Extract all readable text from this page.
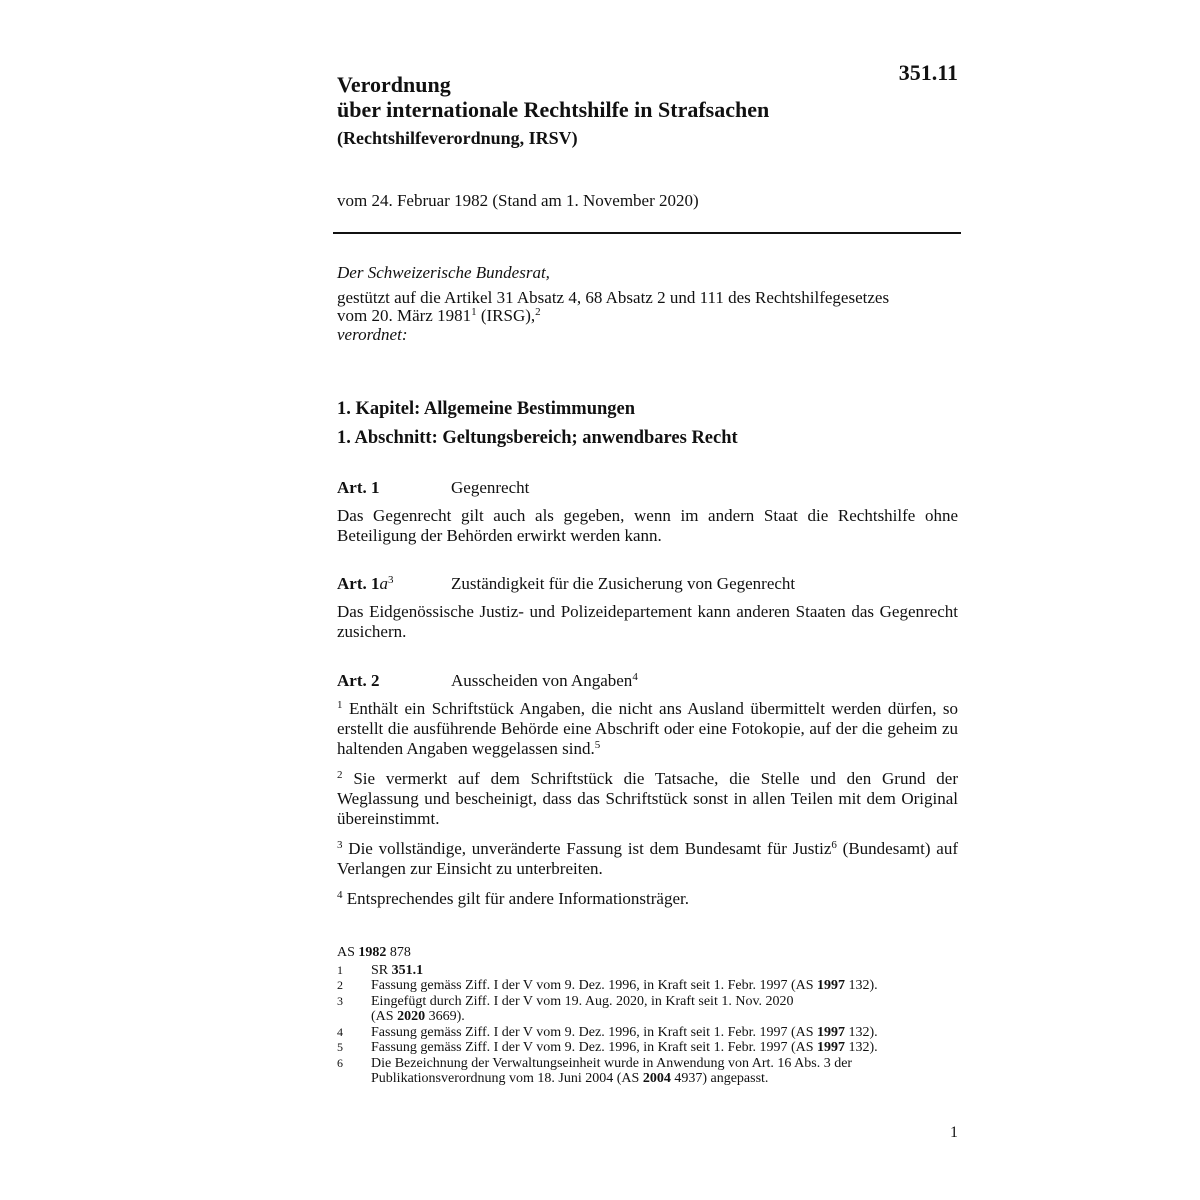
351.11
Verordnung
über internationale Rechtshilfe in Strafsachen
(Rechtshilfeverordnung, IRSV)
vom 24. Februar 1982 (Stand am 1. November 2020)
Der Schweizerische Bundesrat,
gestützt auf die Artikel 31 Absatz 4, 68 Absatz 2 und 111 des Rechtshilfegesetzes
vom 20. März 1981$^1$ (IRSG),$^2$
verordnet:
1. Kapitel: Allgemeine Bestimmungen
1. Abschnitt: Geltungsbereich; anwendbares Recht
Art. 1	Gegenrecht

Das Gegenrecht gilt auch als gegeben, wenn im andern Staat die Rechtshilfe ohne Beteiligung der Behörden erwirkt werden kann.

Art. $1a^3$	Zuständigkeit für die Zusicherung von Gegenrecht

Das Eidgenössische Justiz- und Polizeidepartement kann anderen Staaten das Gegenrecht zusichern.

Art. 2	Ausscheiden von Angaben$^4$

$^1$ Enthält ein Schriftstück Angaben, die nicht ans Ausland übermittelt werden dürfen, so erstellt die ausführende Behörde eine Abschrift oder eine Fotokopie, auf der die geheim zu haltenden Angaben weggelassen sind.$^5$

$^2$ Sie vermerkt auf dem Schriftstück die Tatsache, die Stelle und den Grund der Weglassung und bescheinigt, dass das Schriftstück sonst in allen Teilen mit dem Original übereinstimmt.

$^3$ Die vollständige, unveränderte Fassung ist dem Bundesamt für Justiz$^6$ (Bundesamt) auf Verlangen zur Einsicht zu unterbreiten.

$^4$ Entsprechendes gilt für andere Informationsträger.

AS 1982 878
1	SR 351.1
2	Fassung gemäss Ziff. I der V vom 9. Dez. 1996, in Kraft seit 1. Febr. 1997 (AS 1997 132).
3	Eingefügt durch Ziff. I der V vom 19. Aug. 2020, in Kraft seit 1. Nov. 2020
(AS 2020 3669).
4	Fassung gemäss Ziff. I der V vom 9. Dez. 1996, in Kraft seit 1. Febr. 1997 (AS 1997 132).
5	Fassung gemäss Ziff. I der V vom 9. Dez. 1996, in Kraft seit 1. Febr. 1997 (AS 1997 132).
6	Die Bezeichnung der Verwaltungseinheit wurde in Anwendung von Art. 16 Abs. 3 der
Publikationsverordnung vom 18. Juni 2004 (AS 2004 4937) angepasst.
1
